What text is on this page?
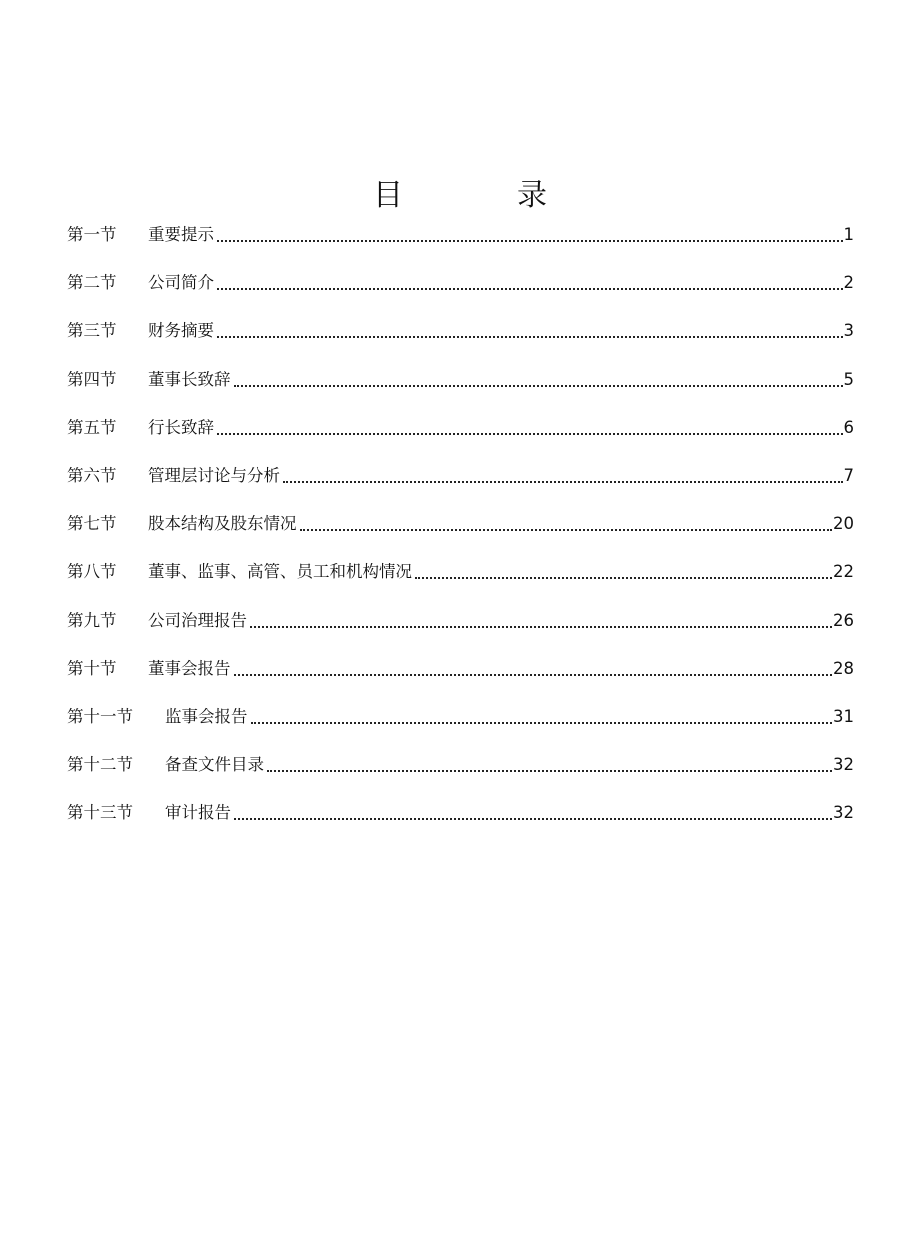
目　录
第一节	重要提示	1
第二节	公司简介	2
第三节	财务摘要	3
第四节	董事长致辞	5
第五节	行长致辞	6
第六节	管理层讨论与分析	7
第七节	股本结构及股东情况	20
第八节	董事、监事、高管、员工和机构情况	22
第九节	公司治理报告	26
第十节	董事会报告	28
第十一节	监事会报告	31
第十二节	备查文件目录	32
第十三节	审计报告	32
